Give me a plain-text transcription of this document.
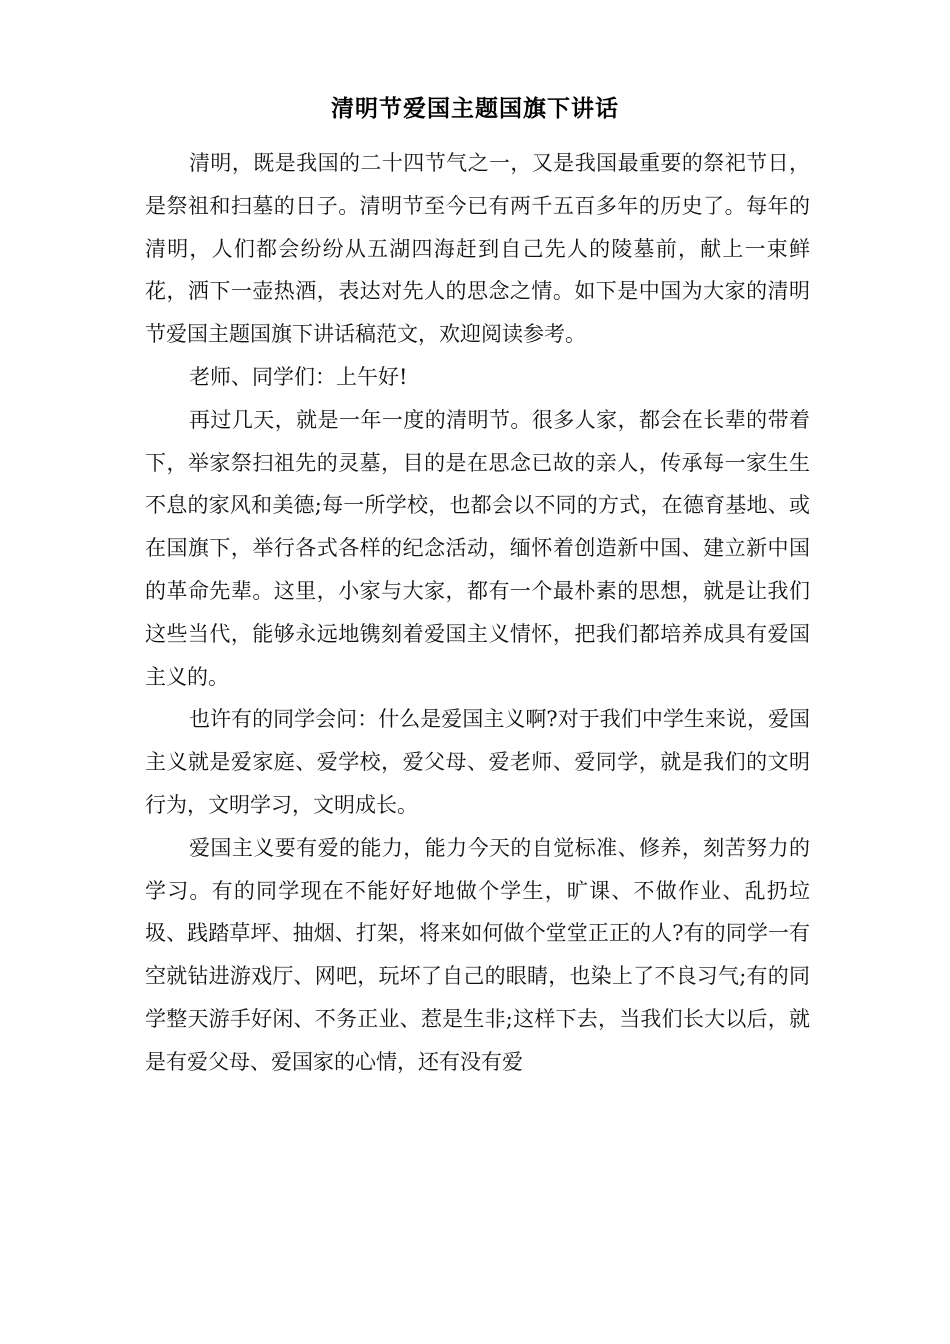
清明节爱国主题国旗下讲话

清明，既是我国的二十四节气之一，又是我国最重要的祭祀节日，是祭祖和扫墓的日子。清明节至今已有两千五百多年的历史了。每年的清明，人们都会纷纷从五湖四海赶到自己先人的陵墓前，献上一束鲜花，洒下一壶热酒，表达对先人的思念之情。如下是中国为大家的清明节爱国主题国旗下讲话稿范文，欢迎阅读参考。

老师、同学们：上午好!

再过几天，就是一年一度的清明节。很多人家，都会在长辈的带着下，举家祭扫祖先的灵墓，目的是在思念已故的亲人，传承每一家生生不息的家风和美德;每一所学校，也都会以不同的方式，在德育基地、或在国旗下，举行各式各样的纪念活动，缅怀着创造新中国、建立新中国的革命先辈。这里，小家与大家，都有一个最朴素的思想，就是让我们这些当代，能够永远地镌刻着爱国主义情怀，把我们都培养成具有爱国主义的。

也许有的同学会问：什么是爱国主义啊?对于我们中学生来说，爱国主义就是爱家庭、爱学校，爱父母、爱老师、爱同学，就是我们的文明行为，文明学习，文明成长。

爱国主义要有爱的能力，能力今天的自觉标准、修养，刻苦努力的学习。有的同学现在不能好好地做个学生，旷课、不做作业、乱扔垃圾、践踏草坪、抽烟、打架，将来如何做个堂堂正正的人?有的同学一有空就钻进游戏厅、网吧，玩坏了自己的眼睛，也染上了不良习气;有的同学整天游手好闲、不务正业、惹是生非;这样下去，当我们长大以后，就是有爱父母、爱国家的心情，还有没有爱
